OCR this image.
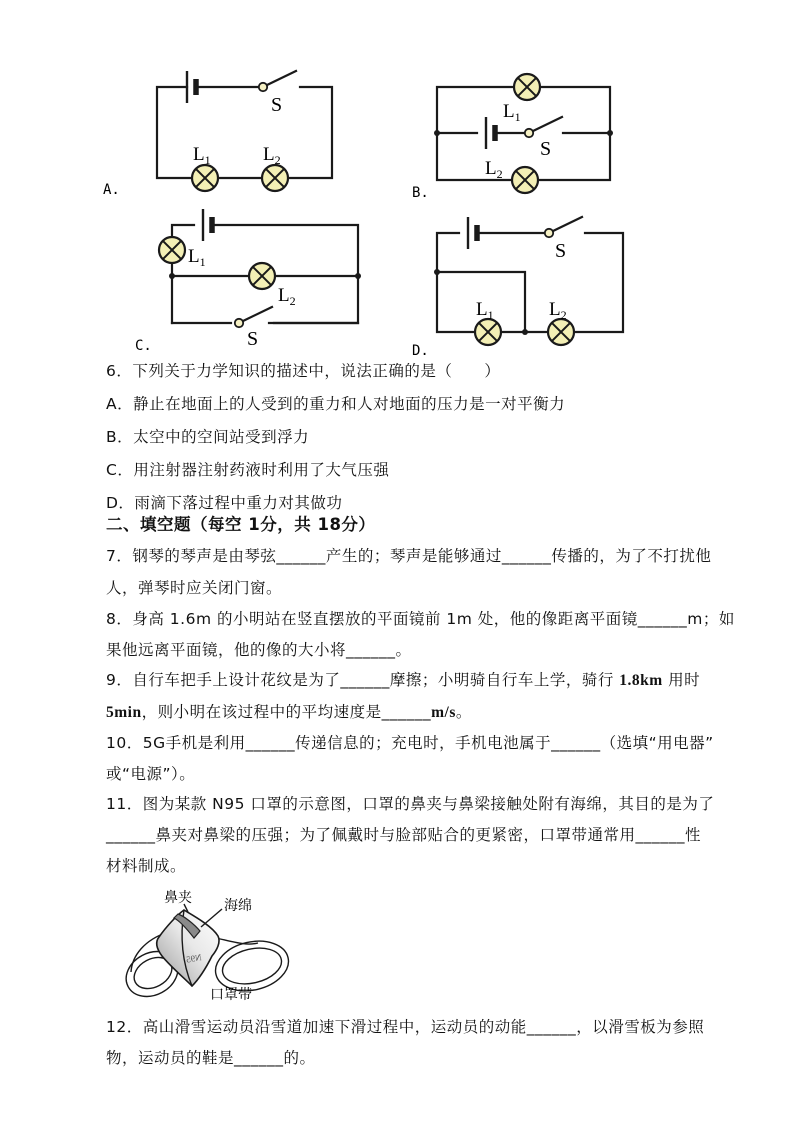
S
$L_1$	$L_2$
A.
S
$L_1$
$L_2$
B.
S
$L_1$
$L_2$
C.
S
$L_1$	$L_2$
D.
6．下列关于力学知识的描述中，说法正确的是（　　）
A．静止在地面上的人受到的重力和人对地面的压力是一对平衡力
B．太空中的空间站受到浮力
C．用注射器注射药液时利用了大气压强
D．雨滴下落过程中重力对其做功
二、填空题（每空 1分，共 18分）
7．钢琴的琴声是由琴弦______产生的；琴声是能够通过______传播的，为了不打扰他
人，弹琴时应关闭门窗。
8．身高 1.6m 的小明站在竖直摆放的平面镜前 1m 处，他的像距离平面镜______m；如
果他远离平面镜，他的像的大小将______。
9．自行车把手上设计花纹是为了______摩擦；小明骑自行车上学，骑行 1.8km 用时
5min，则小明在该过程中的平均速度是______m/s。
10．5G手机是利用______传递信息的；充电时，手机电池属于______（选填“用电器”
或“电源”）。
11．图为某款 N95 口罩的示意图，口罩的鼻夹与鼻梁接触处附有海绵，其目的是为了
______鼻夹对鼻梁的压强；为了佩戴时与脸部贴合的更紧密，口罩带通常用______性
材料制成。
N95
鼻夹 海绵
口罩带
12．高山滑雪运动员沿雪道加速下滑过程中，运动员的动能______，以滑雪板为参照
物，运动员的鞋是______的。
